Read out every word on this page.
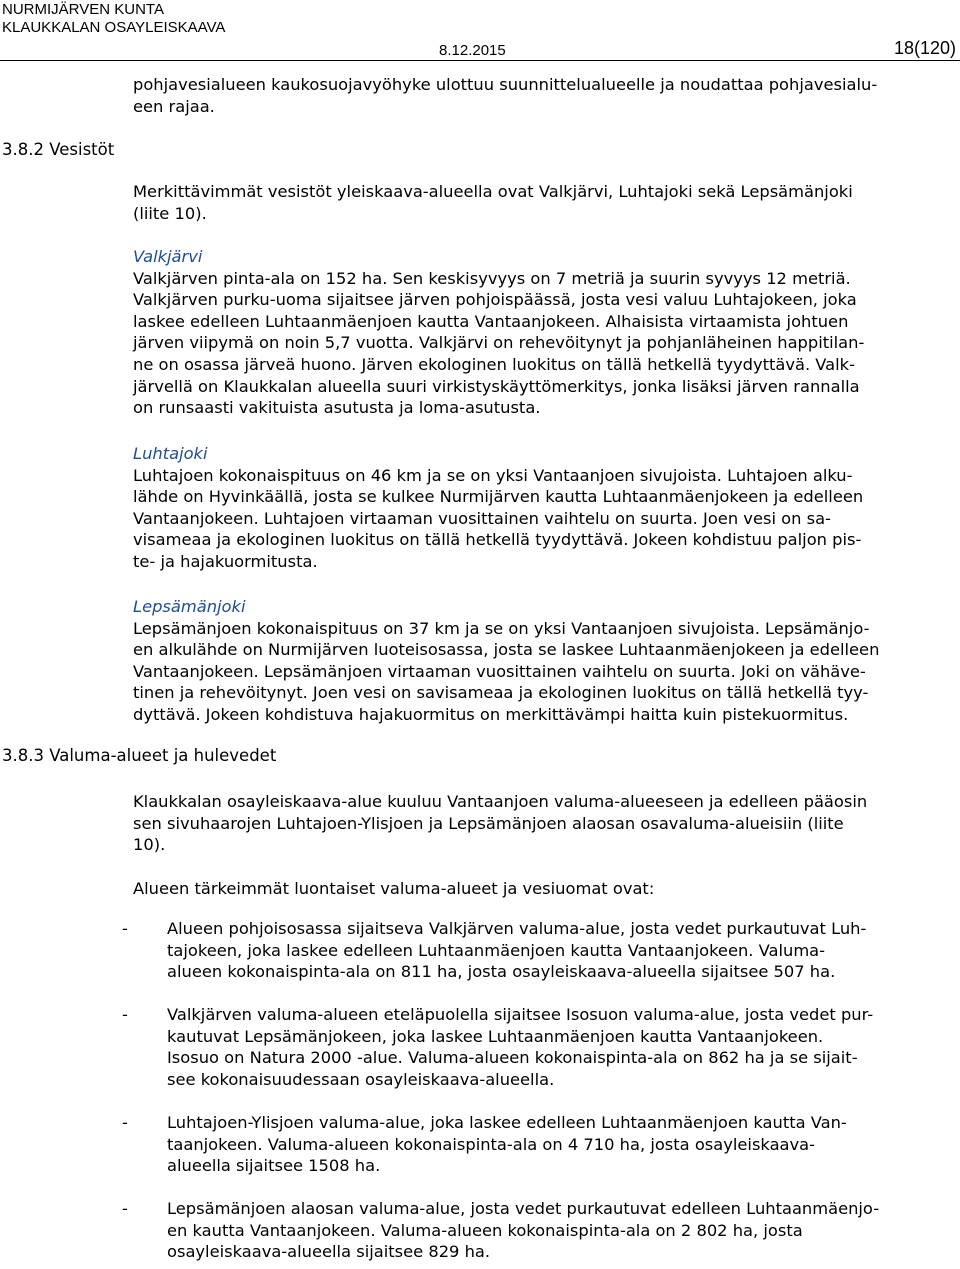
NURMIJÄRVEN KUNTA
KLAUKKALAN OSAYLEISKAAVA
8.12.2015	18(120)
pohjavesialueen kaukosuojavyöhyke ulottuu suunnittelualueelle ja noudattaa pohjavesialu-
een rajaa.
3.8.2 Vesistöt
Merkittävimmät vesistöt yleiskaava-alueella ovat Valkjärvi, Luhtajoki sekä Lepsämänjoki
(liite 10).
Valkjärvi
Valkjärven pinta-ala on 152 ha. Sen keskisyvyys on 7 metriä ja suurin syvyys 12 metriä.
Valkjärven purku-uoma sijaitsee järven pohjoispäässä, josta vesi valuu Luhtajokeen, joka
laskee edelleen Luhtaanmäenjoen kautta Vantaanjokeen. Alhaisista virtaamista johtuen
järven viipymä on noin 5,7 vuotta. Valkjärvi on rehevöitynyt ja pohjanläheinen happitilan-
ne on osassa järveä huono. Järven ekologinen luokitus on tällä hetkellä tyydyttävä. Valk-
järvellä on Klaukkalan alueella suuri virkistyskäyttömerkitys, jonka lisäksi järven rannalla
on runsaasti vakituista asutusta ja loma-asutusta.
Luhtajoki
Luhtajoen kokonaispituus on 46 km ja se on yksi Vantaanjoen sivujoista. Luhtajoen alku-
lähde on Hyvinkäällä, josta se kulkee Nurmijärven kautta Luhtaanmäenjokeen ja edelleen
Vantaanjokeen. Luhtajoen virtaaman vuosittainen vaihtelu on suurta. Joen vesi on sa-
visameaa ja ekologinen luokitus on tällä hetkellä tyydyttävä. Jokeen kohdistuu paljon pis-
te- ja hajakuormitusta.
Lepsämänjoki
Lepsämänjoen kokonaispituus on 37 km ja se on yksi Vantaanjoen sivujoista. Lepsämänjo-
en alkulähde on Nurmijärven luoteisosassa, josta se laskee Luhtaanmäenjokeen ja edelleen
Vantaanjokeen. Lepsämänjoen virtaaman vuosittainen vaihtelu on suurta. Joki on vähäve-
tinen ja rehevöitynyt. Joen vesi on savisameaa ja ekologinen luokitus on tällä hetkellä tyy-
dyttävä. Jokeen kohdistuva hajakuormitus on merkittävämpi haitta kuin pistekuormitus.
3.8.3 Valuma-alueet ja hulevedet
Klaukkalan osayleiskaava-alue kuuluu Vantaanjoen valuma-alueeseen ja edelleen pääosin
sen sivuhaarojen Luhtajoen-Ylisjoen ja Lepsämänjoen alaosan osavaluma-alueisiin (liite
10).
Alueen tärkeimmät luontaiset valuma-alueet ja vesiuomat ovat:
- Alueen pohjoisosassa sijaitseva Valkjärven valuma-alue, josta vedet purkautuvat Luh-
tajokeen, joka laskee edelleen Luhtaanmäenjoen kautta Vantaanjokeen. Valuma-
alueen kokonaispinta-ala on 811 ha, josta osayleiskaava-alueella sijaitsee 507 ha.
- Valkjärven valuma-alueen eteläpuolella sijaitsee Isosuon valuma-alue, josta vedet pur-
kautuvat Lepsämänjokeen, joka laskee Luhtaanmäenjoen kautta Vantaanjokeen.
Isosuo on Natura 2000 -alue. Valuma-alueen kokonaispinta-ala on 862 ha ja se sijait-
see kokonaisuudessaan osayleiskaava-alueella.
- Luhtajoen-Ylisjoen valuma-alue, joka laskee edelleen Luhtaanmäenjoen kautta Van-
taanjokeen. Valuma-alueen kokonaispinta-ala on 4 710 ha, josta osayleiskaava-
alueella sijaitsee 1508 ha.
- Lepsämänjoen alaosan valuma-alue, josta vedet purkautuvat edelleen Luhtaanmäenjo-
en kautta Vantaanjokeen. Valuma-alueen kokonaispinta-ala on 2 802 ha, josta
osayleiskaava-alueella sijaitsee 829 ha.
